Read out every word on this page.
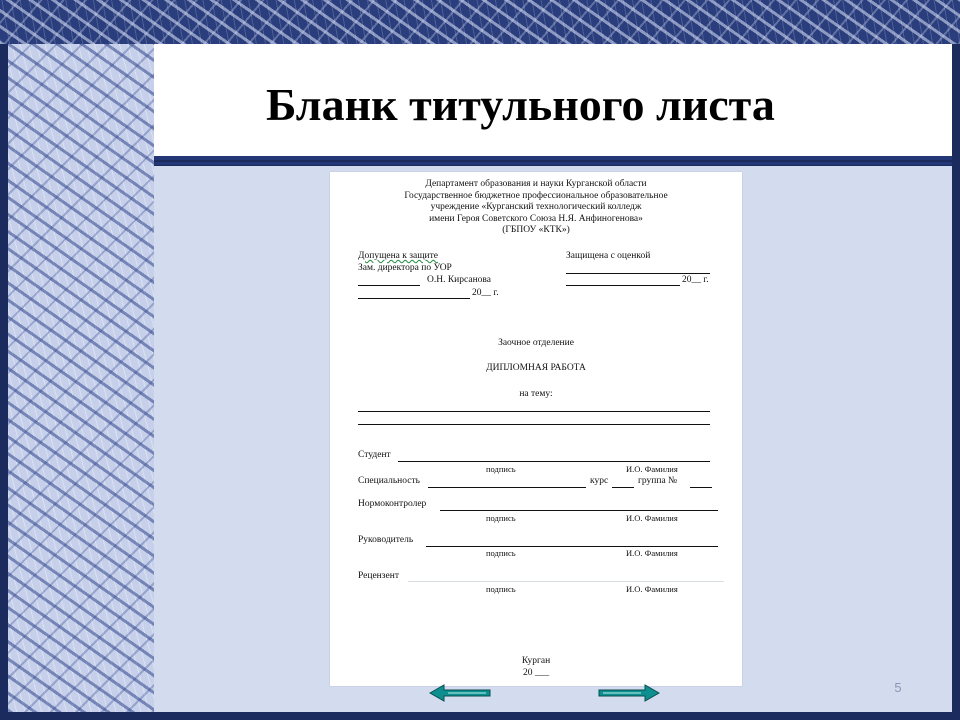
Бланк титульного листа
Департамент образования и науки Курганской области
Государственное бюджетное профессиональное образовательное
учреждение «Курганский технологический колледж
имени Героя Советского Союза Н.Я. Анфиногенова»
(ГБПОУ «КТК»)
Допущена к защите
Зам. директора по УОР
О.Н. Кирсанова
20__ г.
Защищена с оценкой
20__ г.
Заочное отделение
ДИПЛОМНАЯ РАБОТА
на тему:
Студент
подпись	И.О. Фамилия
Специальность	курс	группа №
Нормоконтролер
подпись	И.О. Фамилия
Руководитель
подпись	И.О. Фамилия
Рецензент
подпись	И.О. Фамилия
Курган
20 ___
5
